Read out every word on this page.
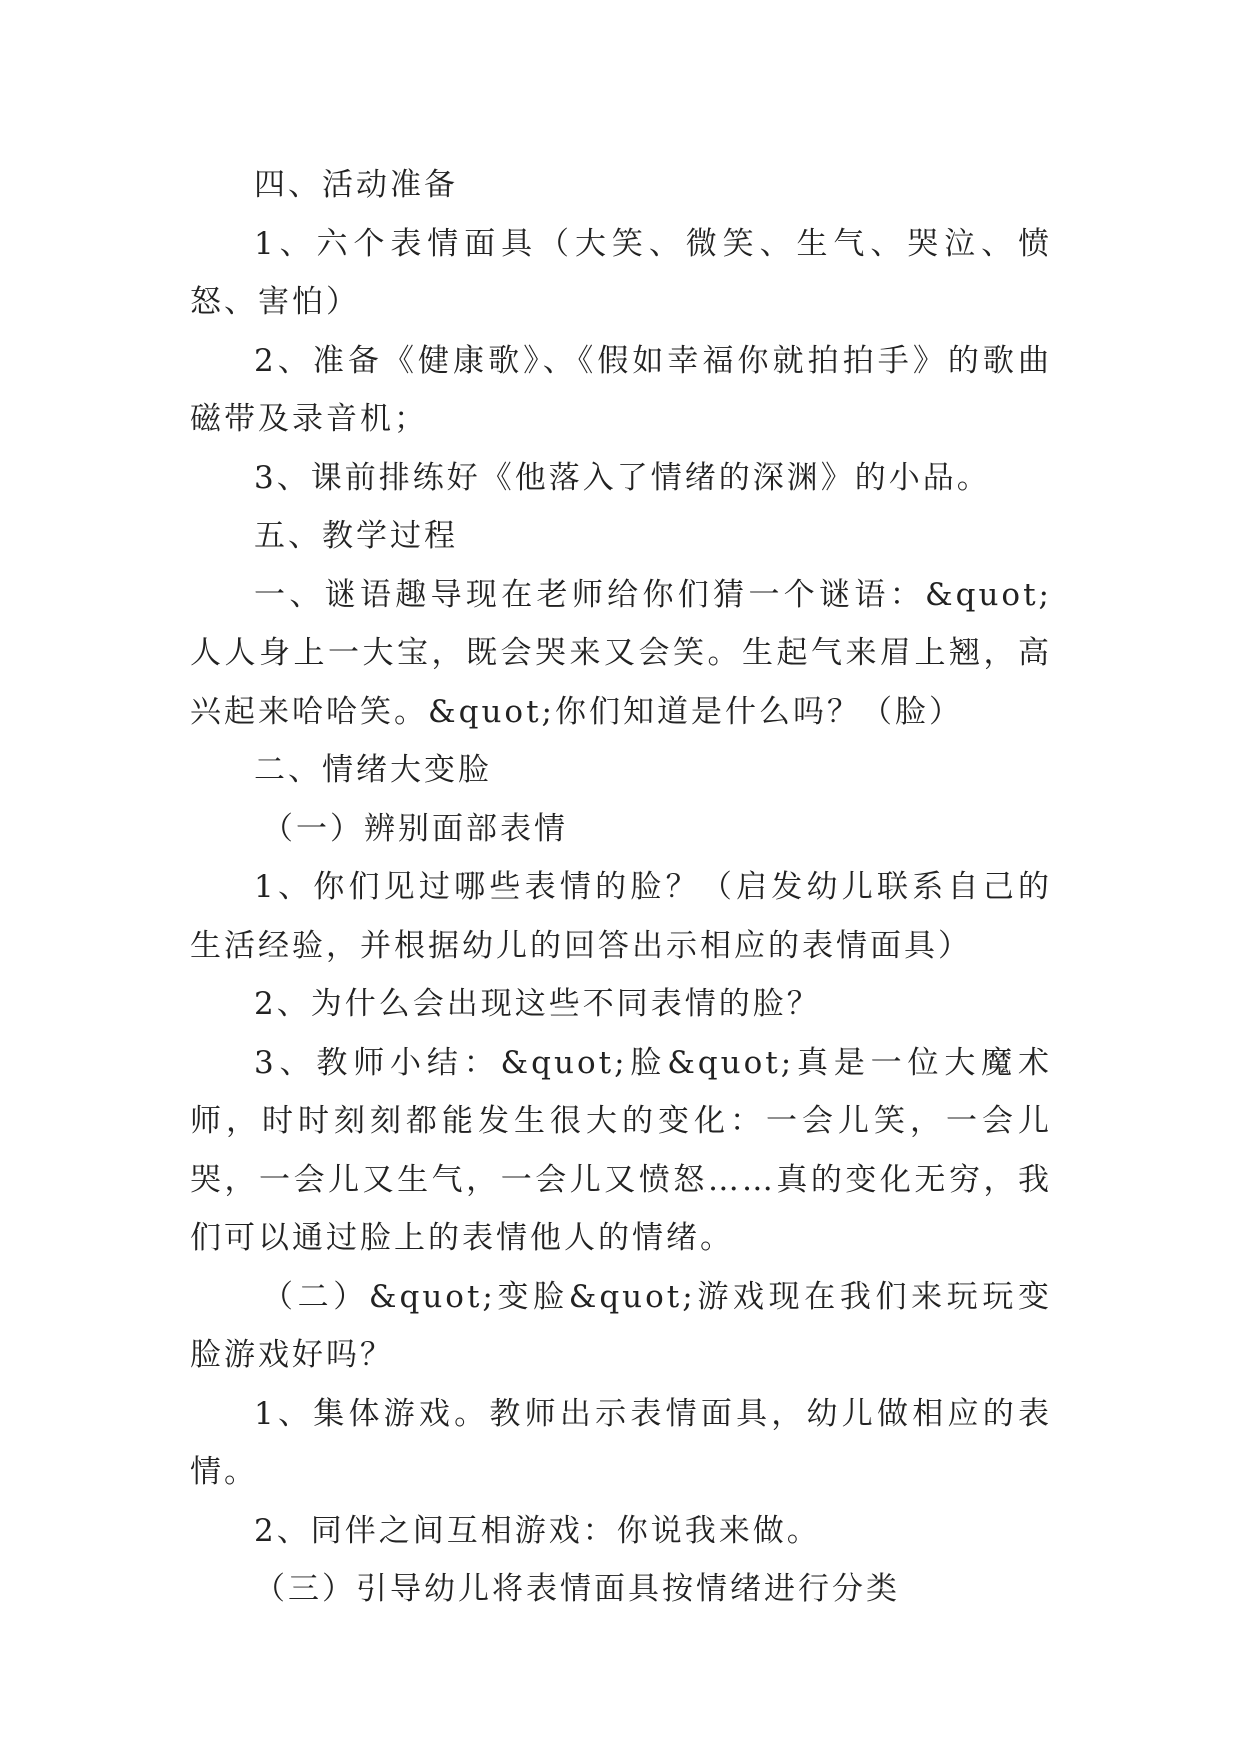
四、活动准备

1、六个表情面具（大笑、微笑、生气、哭泣、愤怒、害怕）

2、准备《健康歌》、《假如幸福你就拍拍手》的歌曲磁带及录音机；

3、课前排练好《他落入了情绪的深渊》的小品。

五、教学过程

一、谜语趣导现在老师给你们猜一个谜语：&quot;人人身上一大宝，既会哭来又会笑。生起气来眉上翘，高兴起来哈哈笑。&quot;你们知道是什么吗？（脸）

二、情绪大变脸

（一）辨别面部表情

1、你们见过哪些表情的脸？（启发幼儿联系自己的生活经验，并根据幼儿的回答出示相应的表情面具）

2、为什么会出现这些不同表情的脸？

3、教师小结：&quot;脸&quot;真是一位大魔术师，时时刻刻都能发生很大的变化：一会儿笑，一会儿哭，一会儿又生气，一会儿又愤怒……真的变化无穷，我们可以通过脸上的表情他人的情绪。

（二）&quot;变脸&quot;游戏现在我们来玩玩变脸游戏好吗？

1、集体游戏。教师出示表情面具，幼儿做相应的表情。

2、同伴之间互相游戏：你说我来做。

（三）引导幼儿将表情面具按情绪进行分类
